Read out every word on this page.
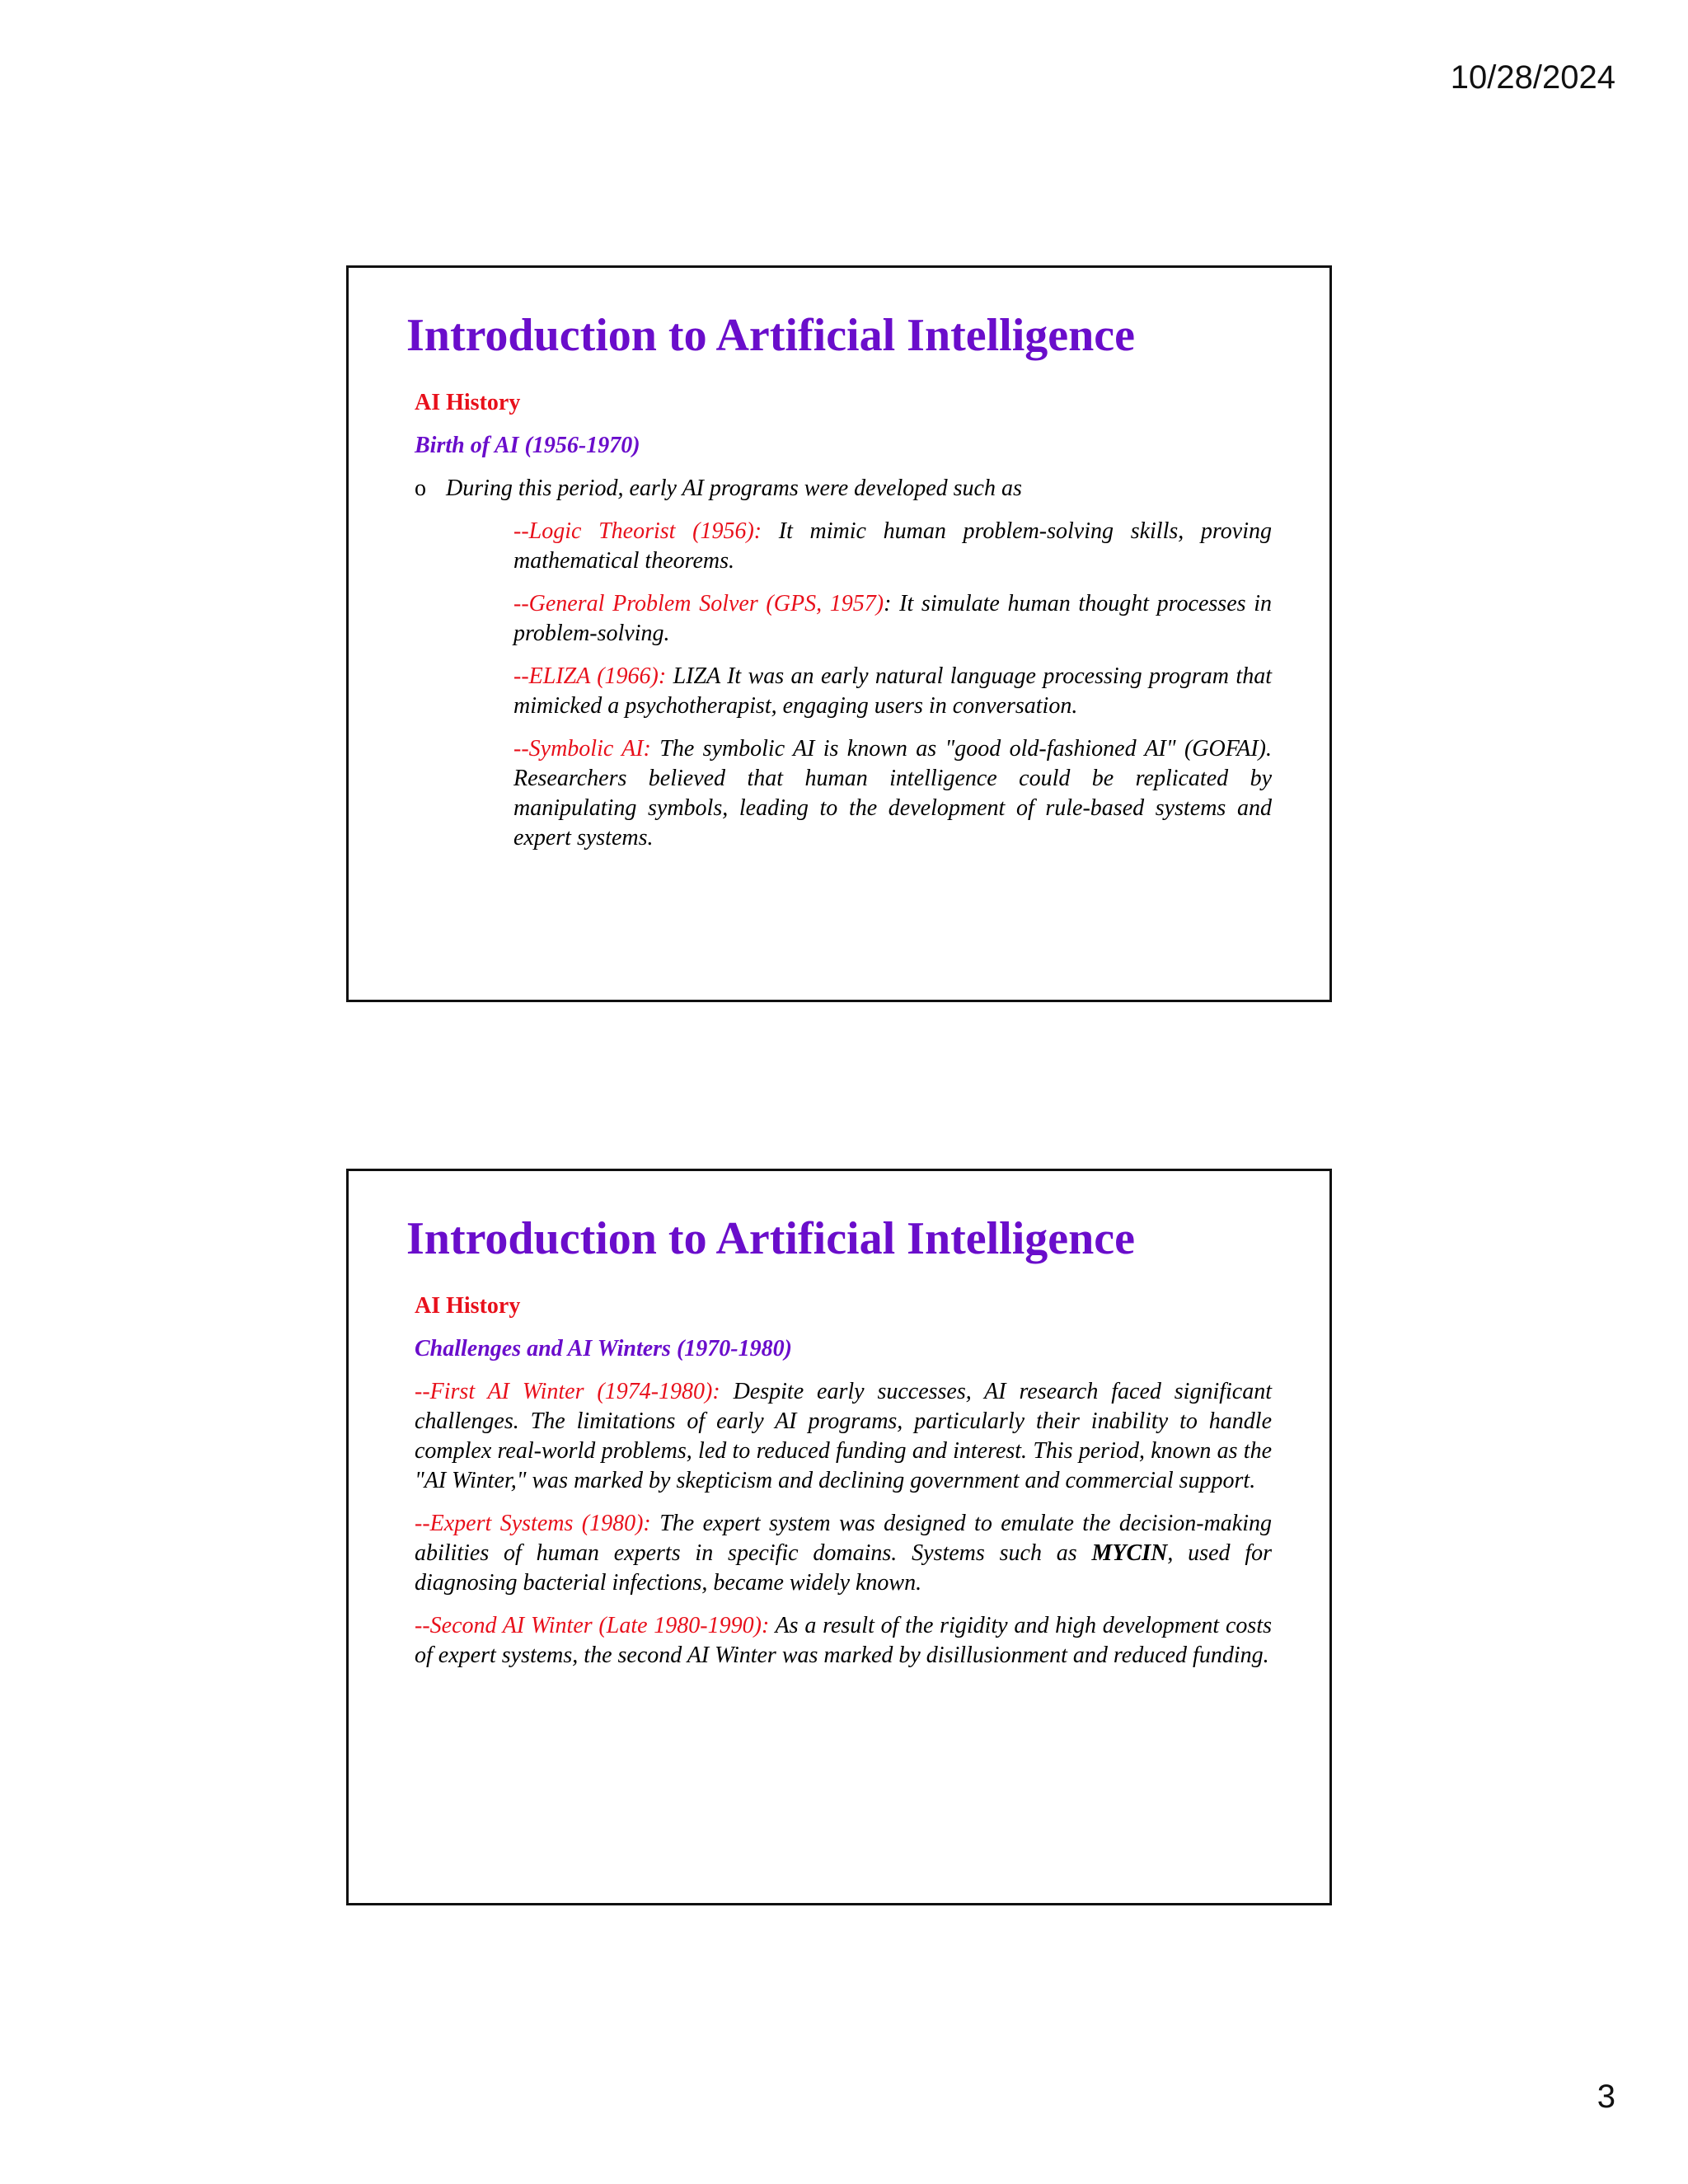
10/28/2024
Introduction to Artificial Intelligence

AI History

Birth of AI (1956-1970)

o During this period, early AI programs were developed such as

--Logic Theorist (1956): It mimic human problem-solving skills, proving mathematical theorems.

--General Problem Solver (GPS, 1957): It simulate human thought processes in problem-solving.

--ELIZA (1966): LIZA It was an early natural language processing program that mimicked a psychotherapist, engaging users in conversation.

--Symbolic AI: The symbolic AI is known as "good old-fashioned AI" (GOFAI). Researchers believed that human intelligence could be replicated by manipulating symbols, leading to the development of rule-based systems and expert systems.

Introduction to Artificial Intelligence

AI History

Challenges and AI Winters (1970-1980)

--First AI Winter (1974-1980): Despite early successes, AI research faced significant challenges. The limitations of early AI programs, particularly their inability to handle complex real-world problems, led to reduced funding and interest. This period, known as the "AI Winter," was marked by skepticism and declining government and commercial support.

--Expert Systems (1980): The expert system was designed to emulate the decision-making abilities of human experts in specific domains. Systems such as MYCIN, used for diagnosing bacterial infections, became widely known.

--Second AI Winter (Late 1980-1990): As a result of the rigidity and high development costs of expert systems, the second AI Winter was marked by disillusionment and reduced funding.

3
